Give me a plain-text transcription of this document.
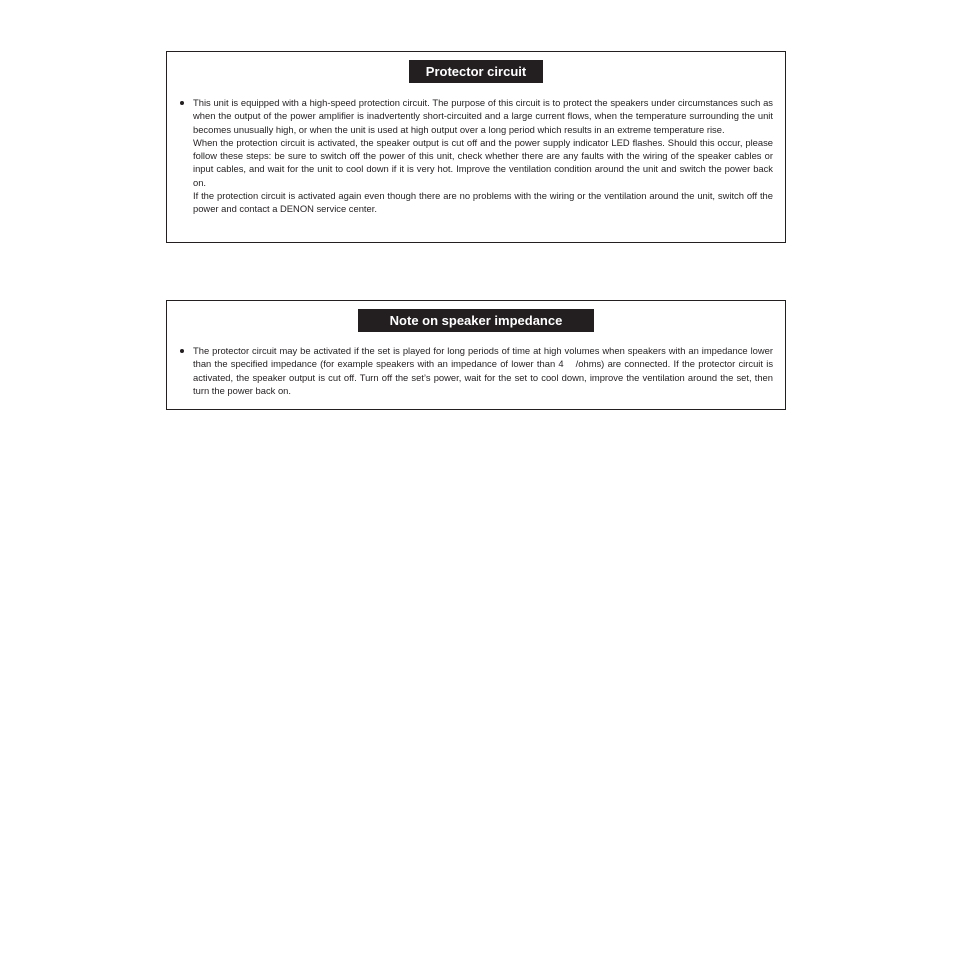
Protector circuit

This unit is equipped with a high-speed protection circuit. The purpose of this circuit is to protect the speakers under circumstances such as when the output of the power amplifier is inadvertently short-circuited and a large current flows, when the temperature surrounding the unit becomes unusually high, or when the unit is used at high output over a long period which results in an extreme temperature rise.

When the protection circuit is activated, the speaker output is cut off and the power supply indicator LED flashes. Should this occur, please follow these steps: be sure to switch off the power of this unit, check whether there are any faults with the wiring of the speaker cables or input cables, and wait for the unit to cool down if it is very hot. Improve the ventilation condition around the unit and switch the power back on.

If the protection circuit is activated again even though there are no problems with the wiring or the ventilation around the unit, switch off the power and contact a DENON service center.

Note on speaker impedance

The protector circuit may be activated if the set is played for long periods of time at high volumes when speakers with an impedance lower than the specified impedance (for example speakers with an impedance of lower than 4 /ohms) are connected. If the protector circuit is activated, the speaker output is cut off. Turn off the set’s power, wait for the set to cool down, improve the ventilation around the set, then turn the power back on.
